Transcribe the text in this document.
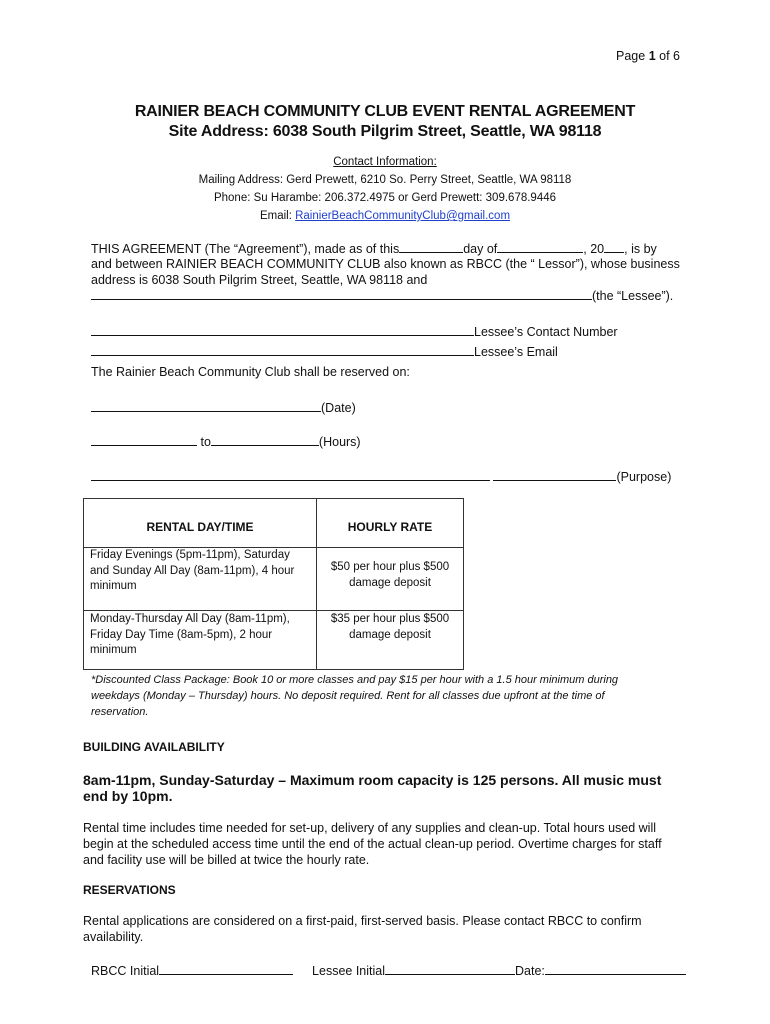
Page 1 of 6
RAINIER BEACH COMMUNITY CLUB EVENT RENTAL AGREEMENT
Site Address: 6038 South Pilgrim Street, Seattle, WA 98118
Contact Information:
Mailing Address: Gerd Prewett, 6210 So. Perry Street, Seattle, WA 98118
Phone: Su Harambe: 206.372.4975 or Gerd Prewett: 309.678.9446
Email: RainierBeachCommunityClub@gmail.com
THIS AGREEMENT (The “Agreement”), made as of this	day of	, 20 , is by
and between RAINIER BEACH COMMUNITY CLUB also known as RBCC (the “ Lessor”), whose business
address is 6038 South Pilgrim Street, Seattle, WA 98118 and
(the “Lessee”).
Lessee’s Contact Number
Lessee’s Email
The Rainier Beach Community Club shall be reserved on:
(Date)
to	(Hours)
(Purpose)
RENTAL DAY/TIME	HOURLY RATE
Friday Evenings (5pm-11pm), Saturday and Sunday All Day (8am-11pm), 4 hour minimum	$50 per hour plus $500 damage deposit
Monday-Thursday All Day (8am-11pm), Friday Day Time (8am-5pm), 2 hour minimum	$35 per hour plus $500 damage deposit
*Discounted Class Package: Book 10 or more classes and pay $15 per hour with a 1.5 hour minimum during weekdays (Monday – Thursday) hours. No deposit required. Rent for all classes due upfront at the time of reservation.
BUILDING AVAILABILITY
8am-11pm, Sunday-Saturday – Maximum room capacity is 125 persons. All music must end by 10pm.
Rental time includes time needed for set-up, delivery of any supplies and clean-up. Total hours used will begin at the scheduled access time until the end of the actual clean-up period. Overtime charges for staff and facility use will be billed at twice the hourly rate.
RESERVATIONS
Rental applications are considered on a first-paid, first-served basis. Please contact RBCC to confirm availability.
RBCC Initial	Lessee Initial	Date:
